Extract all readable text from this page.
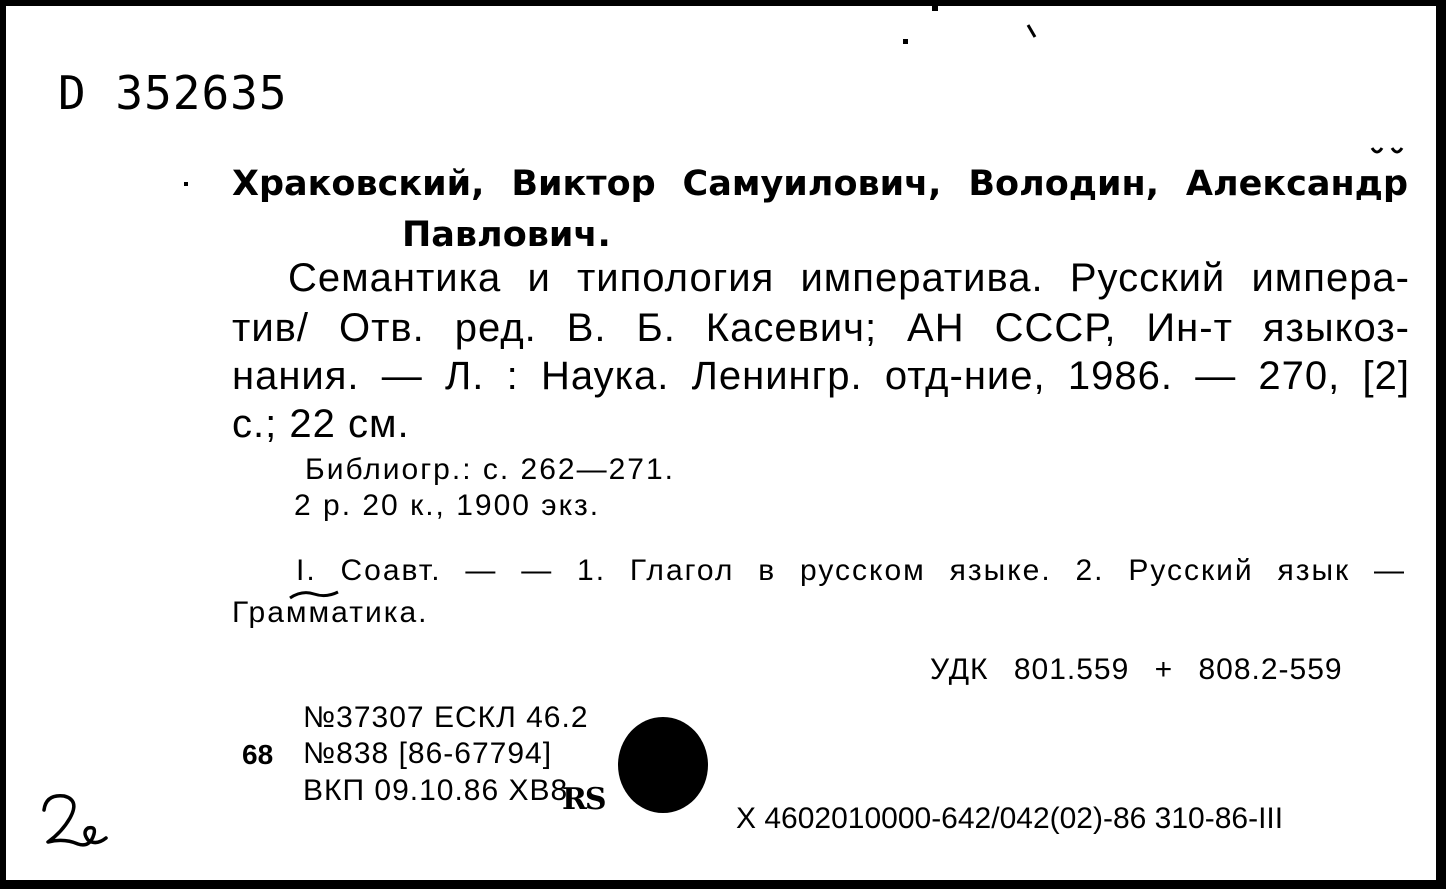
D 352635
Храковский, Виктор Самуилович, Володин, Александр
Павлович.
Семантика и типология императива. Русский импера-
тив/ Отв. ред. В. Б. Касевич; АН СССР, Ин-т языкоз-
нания. — Л. : Наука. Ленингр. отд-ние, 1986. — 270, [2]
с.; 22 см.
Библиогр.: с. 262—271.
2 р. 20 к., 1900 экз.
I. Соавт. — — 1. Глагол в русском языке. 2. Русский язык —
Грамматика.
УДК 801.559 + 808.2-559
№37307 ЕСКЛ 46.2
68 №838 [86-67794]
ВКП 09.10.86 ХВ8
RS
X 4602010000-642/042(02)-86 310-86-III
